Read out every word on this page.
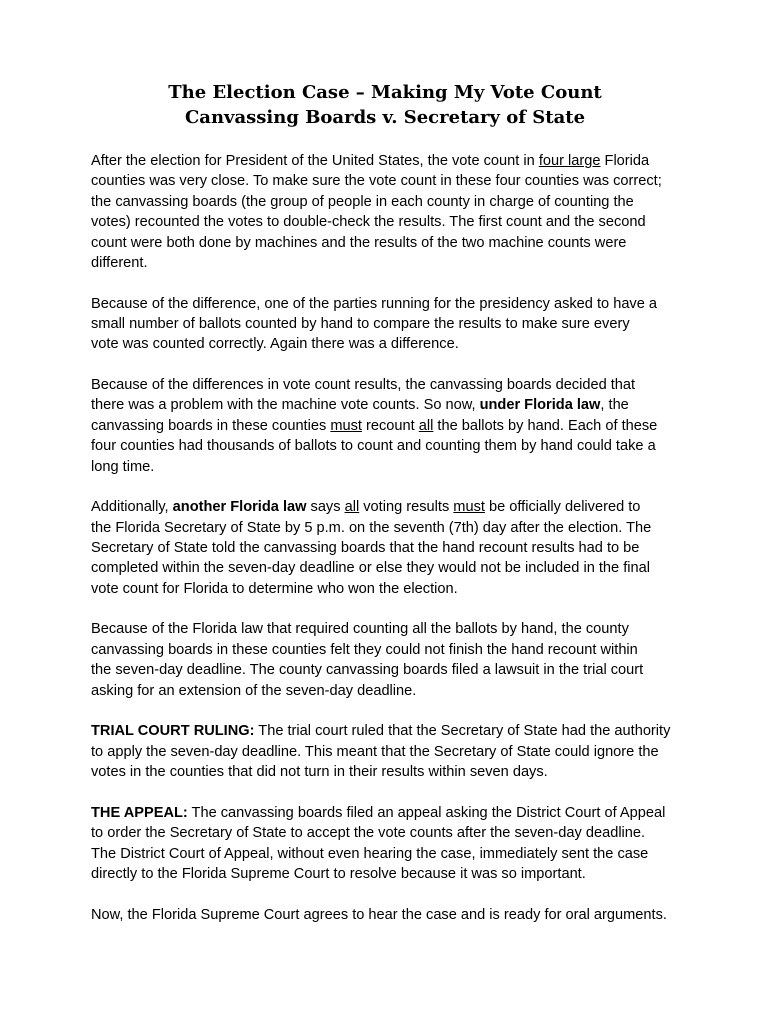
The Election Case – Making My Vote Count
Canvassing Boards v. Secretary of State

After the election for President of the United States, the vote count in four large Florida
counties was very close. To make sure the vote count in these four counties was correct;
the canvassing boards (the group of people in each county in charge of counting the
votes) recounted the votes to double-check the results. The first count and the second
count were both done by machines and the results of the two machine counts were
different.

Because of the difference, one of the parties running for the presidency asked to have a
small number of ballots counted by hand to compare the results to make sure every
vote was counted correctly. Again there was a difference.

Because of the differences in vote count results, the canvassing boards decided that
there was a problem with the machine vote counts. So now, under Florida law, the
canvassing boards in these counties must recount all the ballots by hand. Each of these
four counties had thousands of ballots to count and counting them by hand could take a
long time.

Additionally, another Florida law says all voting results must be officially delivered to
the Florida Secretary of State by 5 p.m. on the seventh (7th) day after the election. The
Secretary of State told the canvassing boards that the hand recount results had to be
completed within the seven-day deadline or else they would not be included in the final
vote count for Florida to determine who won the election.

Because of the Florida law that required counting all the ballots by hand, the county
canvassing boards in these counties felt they could not finish the hand recount within
the seven-day deadline. The county canvassing boards filed a lawsuit in the trial court
asking for an extension of the seven-day deadline.

TRIAL COURT RULING: The trial court ruled that the Secretary of State had the authority
to apply the seven-day deadline. This meant that the Secretary of State could ignore the
votes in the counties that did not turn in their results within seven days.

THE APPEAL: The canvassing boards filed an appeal asking the District Court of Appeal
to order the Secretary of State to accept the vote counts after the seven-day deadline.
The District Court of Appeal, without even hearing the case, immediately sent the case
directly to the Florida Supreme Court to resolve because it was so important.

Now, the Florida Supreme Court agrees to hear the case and is ready for oral arguments.
